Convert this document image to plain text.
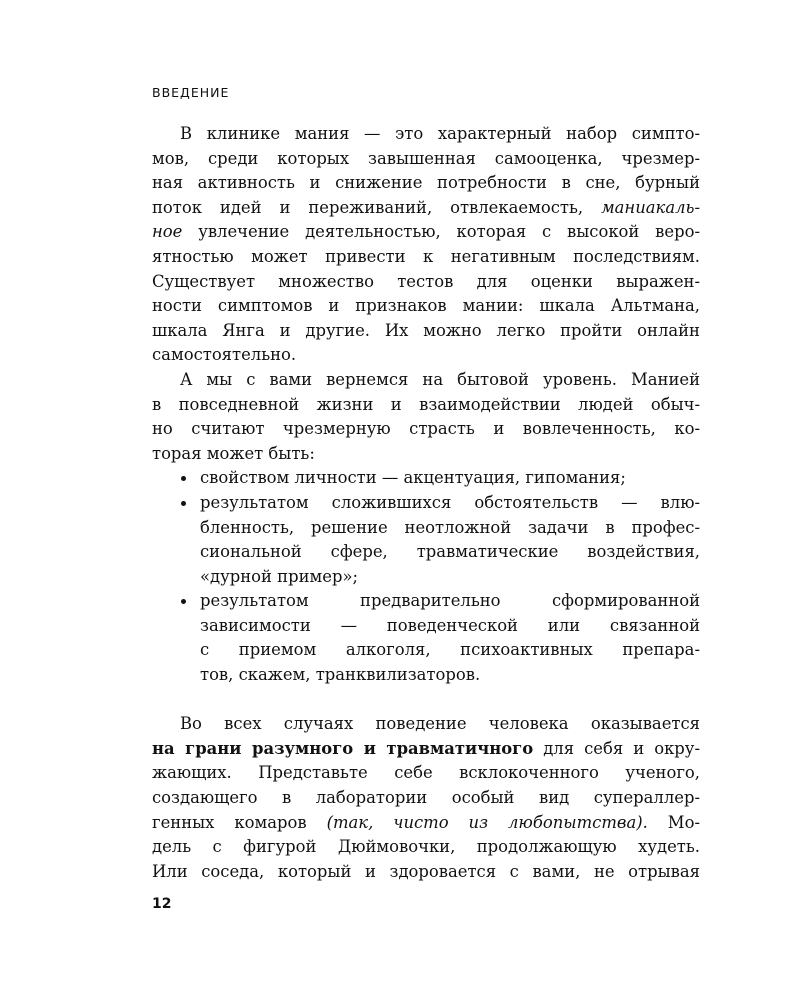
ВВЕДЕНИЕ
В клинике мания — это характерный набор симпто-
мов, среди которых завышенная самооценка, чрезмер-
ная активность и снижение потребности в сне, бурный
поток идей и переживаний, отвлекаемость, маниакаль-
ное увлечение деятельностью, которая с высокой веро-
ятностью может привести к негативным последствиям.
Существует множество тестов для оценки выражен-
ности симптомов и признаков мании: шкала Альтмана,
шкала Янга и другие. Их можно легко пройти онлайн
самостоятельно.
А мы с вами вернемся на бытовой уровень. Манией
в повседневной жизни и взаимодействии людей обыч-
но считают чрезмерную страсть и вовлеченность, ко-
торая может быть:
свойством личности — акцентуация, гипомания;
результатом сложившихся обстоятельств — влю-
бленность, решение неотложной задачи в профес-
сиональной сфере, травматические воздействия,
«дурной пример»;
результатом предварительно сформированной
зависимости — поведенческой или связанной
с приемом алкоголя, психоактивных препара-
тов, скажем, транквилизаторов.
Во всех случаях поведение человека оказывается
на грани разумного и травматичного для себя и окру-
жающих. Представьте себе всклокоченного ученого,
создающего в лаборатории особый вид супераллер-
генных комаров (так, чисто из любопытства). Мо-
дель с фигурой Дюймовочки, продолжающую худеть.
Или соседа, который и здоровается с вами, не отрывая
12
